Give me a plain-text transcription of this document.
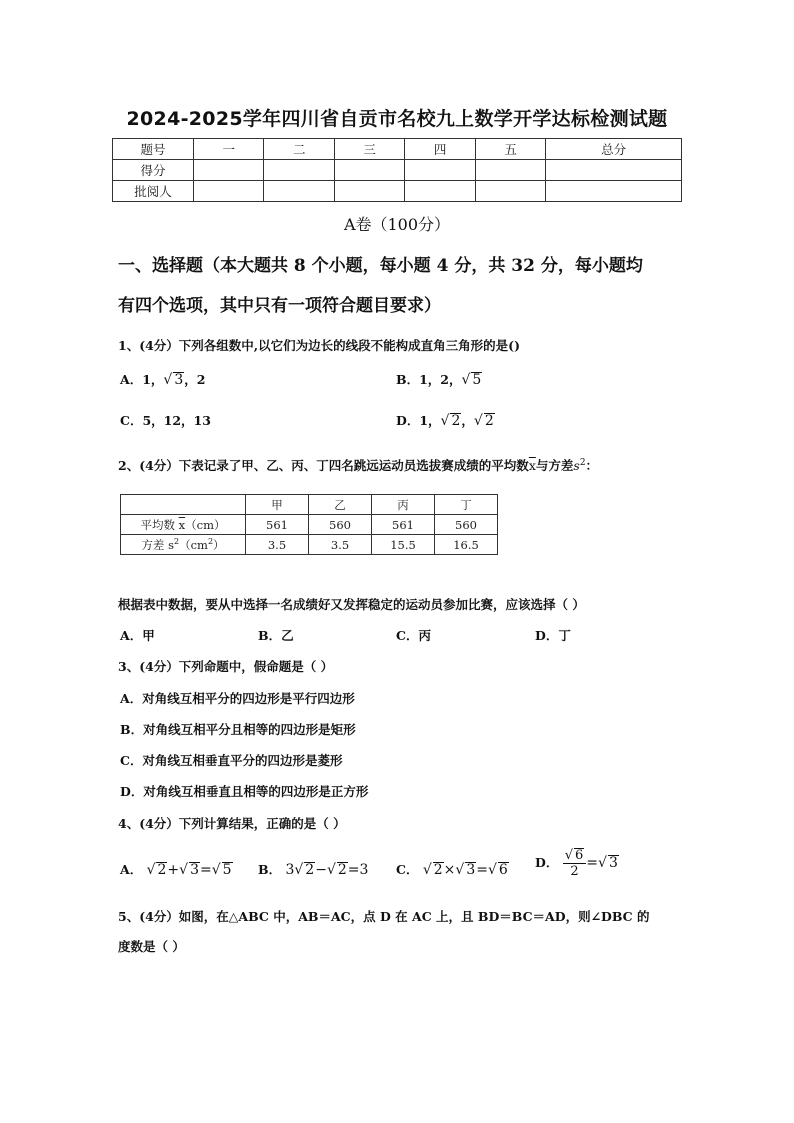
2024-2025学年四川省自贡市名校九上数学开学达标检测试题
题号	一	二	三	四	五	总分
得分						
批阅人						
A卷（100分）
一、选择题（本大题共 8 个小题，每小题 4 分，共 32 分，每小题均
有四个选项，其中只有一项符合题目要求）
1、(4分）下列各组数中,以它们为边长的线段不能构成直角三角形的是()
A．1，√ 3，2	B．1，2，√ 5
C．5，12，13	D．1，√ 2，√ 2
2、(4分）下表记录了甲、乙、丙、丁四名跳远运动员选拔赛成绩的平均数$\overline{x}$与方差$s^2$：
	甲	乙	丙	丁
平均数 $\overline{x}(cm)$	561	560	561	560
方差 $s^2(cm^2)$	3.5	3.5	15.5	16.5
根据表中数据，要从中选择一名成绩好又发挥稳定的运动员参加比赛，应该选择（ ）
A．甲	B．乙	C．丙	D．丁
3、(4分）下列命题中，假命题是（ ）
A．对角线互相平分的四边形是平行四边形
B．对角线互相平分且相等的四边形是矩形
C．对角线互相垂直平分的四边形是菱形
D．对角线互相垂直且相等的四边形是正方形
4、(4分）下列计算结果，正确的是（ ）
A． √ 2+√ 3=√ 5 B． 3√ 2−√ 2=3 C． √ 2×√ 3=√ 6 D． $\frac{√ 6}{2}$ =√ 3
5、(4分）如图，在△ABC 中，AB＝AC，点 D 在 AC 上，且 BD＝BC＝AD，则∠DBC 的
度数是（ ）
